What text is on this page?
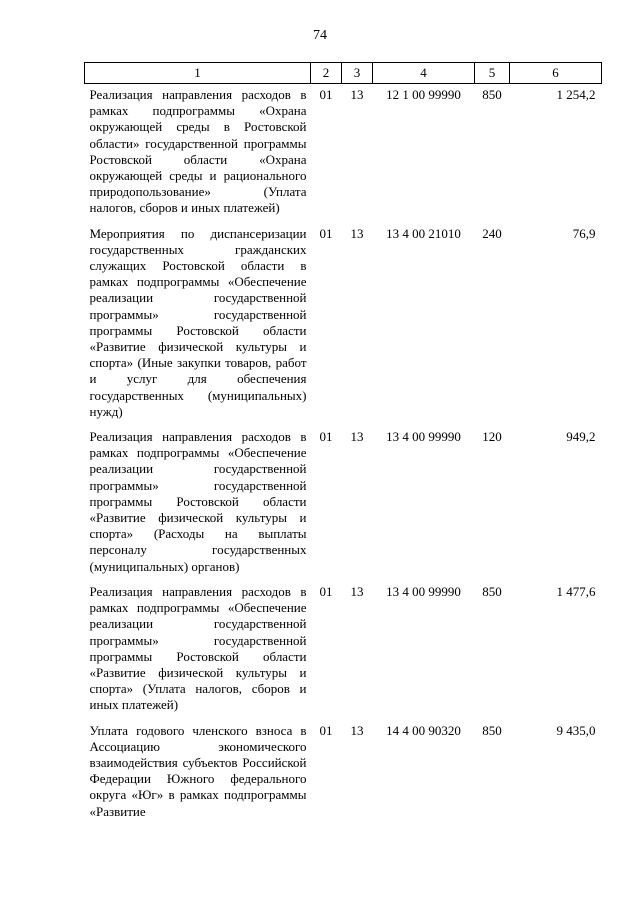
74
1	2	3	4	5	6
Реализация направления расходов в рамках подпрограммы «Охрана окружающей среды в Ростовской области» государственной программы Ростовской области «Охрана окружающей среды и рационального природопользование» (Уплата налогов, сборов и иных платежей)	01	13	12 1 00 99990	850	1 254,2
Мероприятия по диспансеризации государственных гражданских служащих Ростовской области в рамках подпрограммы «Обеспечение реализации государственной программы» государственной программы Ростовской области «Развитие физической культуры и спорта» (Иные закупки товаров, работ и услуг для обеспечения государственных (муниципальных) нужд)	01	13	13 4 00 21010	240	76,9
Реализация направления расходов в рамках подпрограммы «Обеспечение реализации государственной программы» государственной программы Ростовской области «Развитие физической культуры и спорта» (Расходы на выплаты персоналу государственных (муниципальных) органов)	01	13	13 4 00 99990	120	949,2
Реализация направления расходов в рамках подпрограммы «Обеспечение реализации государственной программы» государственной программы Ростовской области «Развитие физической культуры и спорта» (Уплата налогов, сборов и иных платежей)	01	13	13 4 00 99990	850	1 477,6
Уплата годового членского взноса в Ассоциацию экономического взаимодействия субъектов Российской Федерации Южного федерального округа «Юг» в рамках подпрограммы «Развитие	01	13	14 4 00 90320	850	9 435,0
